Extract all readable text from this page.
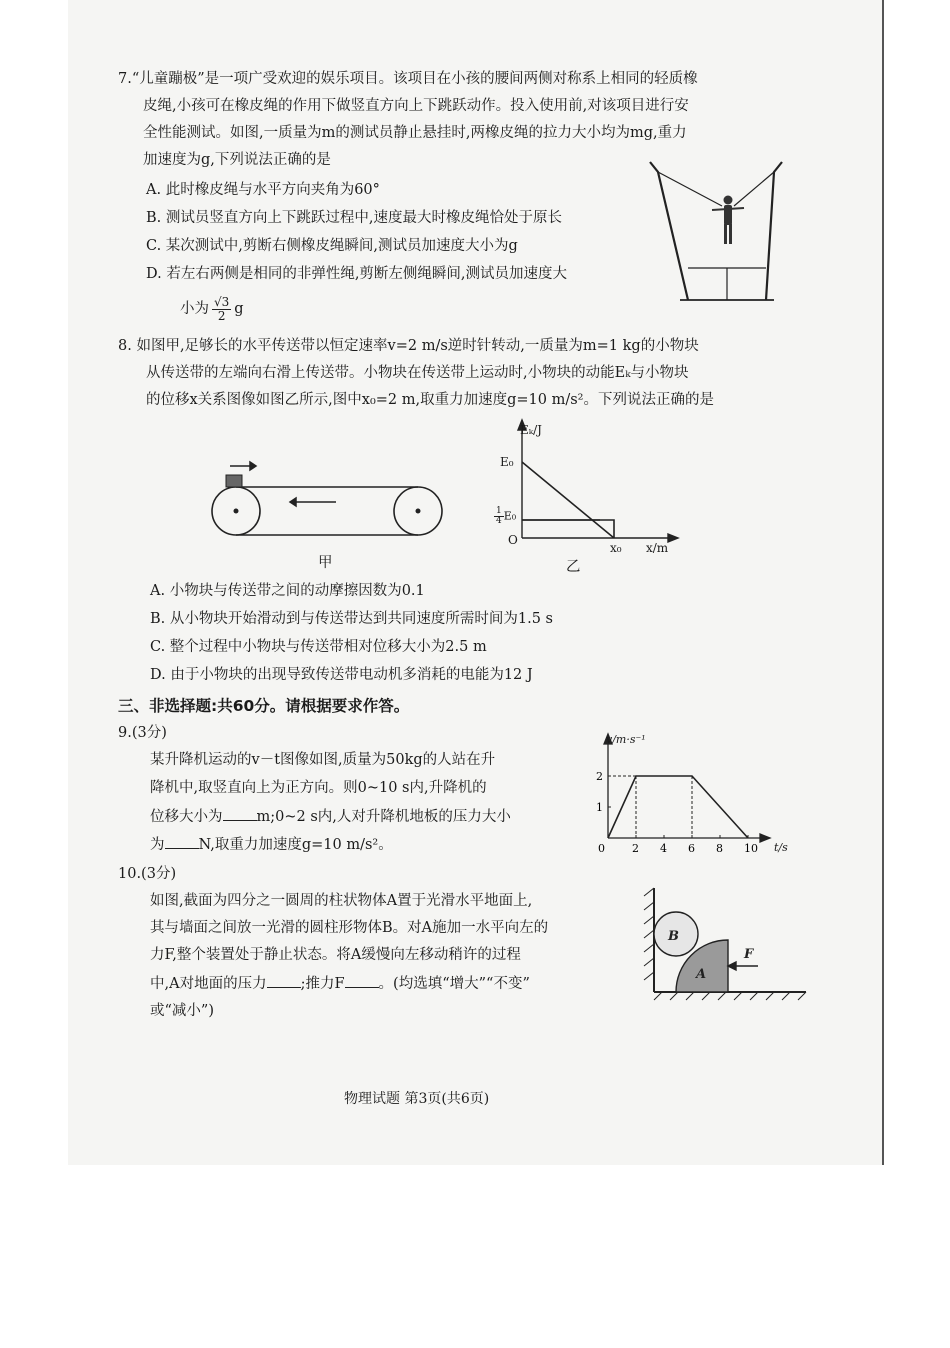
7.“儿童蹦极”是一项广受欢迎的娱乐项目。该项目在小孩的腰间两侧对称系上相同的轻质橡
皮绳,小孩可在橡皮绳的作用下做竖直方向上下跳跃动作。投入使用前,对该项目进行安
全性能测试。如图,一质量为m的测试员静止悬挂时,两橡皮绳的拉力大小均为mg,重力
加速度为g,下列说法正确的是
A. 此时橡皮绳与水平方向夹角为60°
B. 测试员竖直方向上下跳跃过程中,速度最大时橡皮绳恰处于原长
C. 某次测试中,剪断右侧橡皮绳瞬间,测试员加速度大小为g
D. 若左右两侧是相同的非弹性绳,剪断左侧绳瞬间,测试员加速度大
小为 $\frac{√3}{2}$ g
8. 如图甲,足够长的水平传送带以恒定速率v=2 m/s逆时针转动,一质量为m=1 kg的小物块
从传送带的左端向右滑上传送带。小物块在传送带上运动时,小物块的动能Eₖ与小物块
的位移x关系图像如图乙所示,图中x₀=2 m,取重力加速度g=10 m/s²。下列说法正确的是
甲
Eₖ/J
E₀
$\frac{1}{4} E_0$
O
x₀ x/m
乙
A. 小物块与传送带之间的动摩擦因数为0.1
B. 从小物块开始滑动到与传送带达到共同速度所需时间为1.5 s
C. 整个过程中小物块与传送带相对位移大小为2.5 m
D. 由于小物块的出现导致传送带电动机多消耗的电能为12 J
三、非选择题:共60分。请根据要求作答。
9.(3分)
某升降机运动的v－t图像如图,质量为50kg的人站在升
降机中,取竖直向上为正方向。则0~10 s内,升降机的
位移大小为 m;0~2 s内,人对升降机地板的压力大小
为 N,取重力加速度g=10 m/s²。	0 2 4 6 8 10
1
2
v/m·s⁻¹
t/s
10.(3分)
如图,截面为四分之一圆周的柱状物体A置于光滑水平地面上,
其与墙面之间放一光滑的圆柱形物体B。对A施加一水平向左的
力F,整个装置处于静止状态。将A缓慢向左移动稍许的过程
中,A对地面的压力 ;推力F 。(均选填“增大”“不变”
或“减小”)
B
A
F
物理试题 第3页(共6页)
